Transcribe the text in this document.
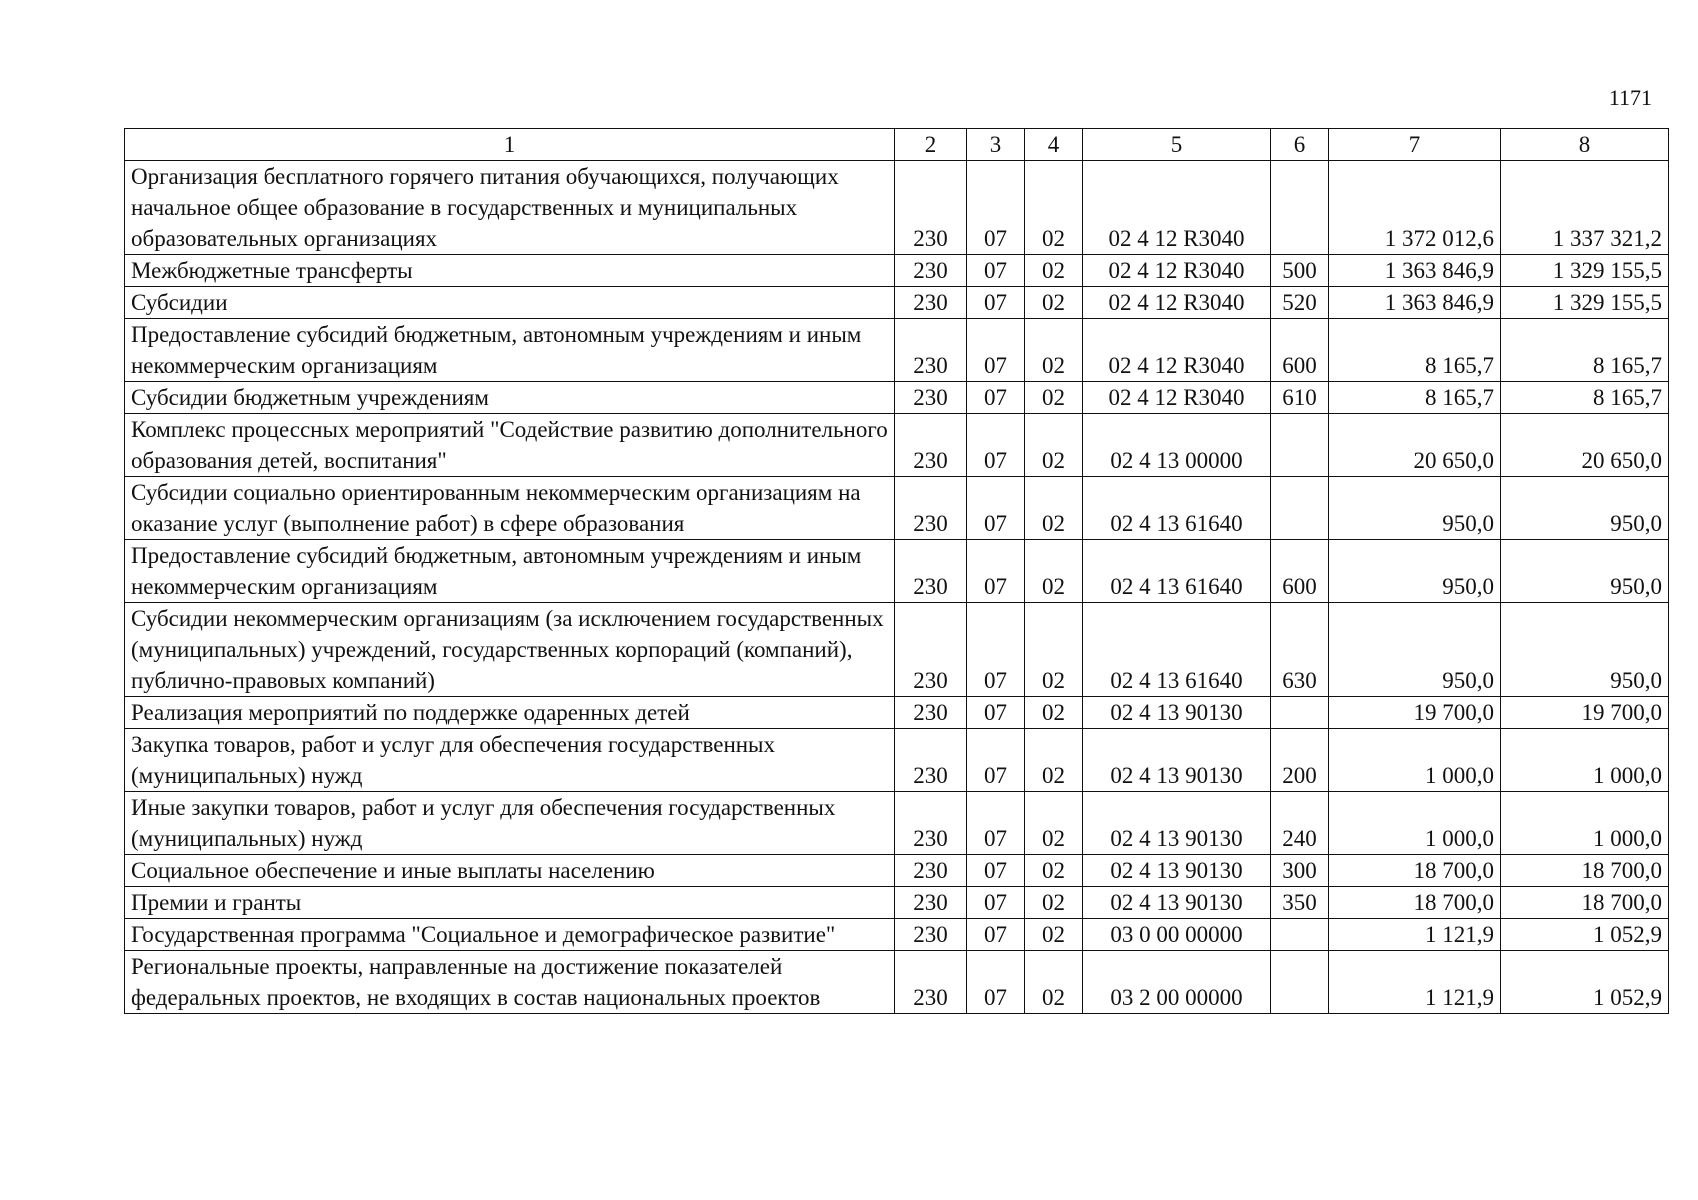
1171
1	2	3	4	5	6	7	8
Организация бесплатного горячего питания обучающихся, получающих начальное общее образование в государственных и муниципальных образовательных организациях	230	07	02	02 4 12 R3040		1 372 012,6	1 337 321,2
Межбюджетные трансферты	230	07	02	02 4 12 R3040	500	1 363 846,9	1 329 155,5
Субсидии	230	07	02	02 4 12 R3040	520	1 363 846,9	1 329 155,5
Предоставление субсидий бюджетным, автономным учреждениям и иным некоммерческим организациям	230	07	02	02 4 12 R3040	600	8 165,7	8 165,7
Субсидии бюджетным учреждениям	230	07	02	02 4 12 R3040	610	8 165,7	8 165,7
Комплекс процессных мероприятий "Содействие развитию дополнительного образования детей, воспитания"	230	07	02	02 4 13 00000		20 650,0	20 650,0
Субсидии социально ориентированным некоммерческим организациям на оказание услуг (выполнение работ) в сфере образования	230	07	02	02 4 13 61640		950,0	950,0
Предоставление субсидий бюджетным, автономным учреждениям и иным некоммерческим организациям	230	07	02	02 4 13 61640	600	950,0	950,0
Субсидии некоммерческим организациям (за исключением государственных (муниципальных) учреждений, государственных корпораций (компаний), публично-правовых компаний)	230	07	02	02 4 13 61640	630	950,0	950,0
Реализация мероприятий по поддержке одаренных детей	230	07	02	02 4 13 90130		19 700,0	19 700,0
Закупка товаров, работ и услуг для обеспечения государственных (муниципальных) нужд	230	07	02	02 4 13 90130	200	1 000,0	1 000,0
Иные закупки товаров, работ и услуг для обеспечения государственных (муниципальных) нужд	230	07	02	02 4 13 90130	240	1 000,0	1 000,0
Социальное обеспечение и иные выплаты населению	230	07	02	02 4 13 90130	300	18 700,0	18 700,0
Премии и гранты	230	07	02	02 4 13 90130	350	18 700,0	18 700,0
Государственная программа "Социальное и демографическое развитие"	230	07	02	03 0 00 00000		1 121,9	1 052,9
Региональные проекты, направленные на достижение показателей федеральных проектов, не входящих в состав национальных проектов	230	07	02	03 2 00 00000		1 121,9	1 052,9
